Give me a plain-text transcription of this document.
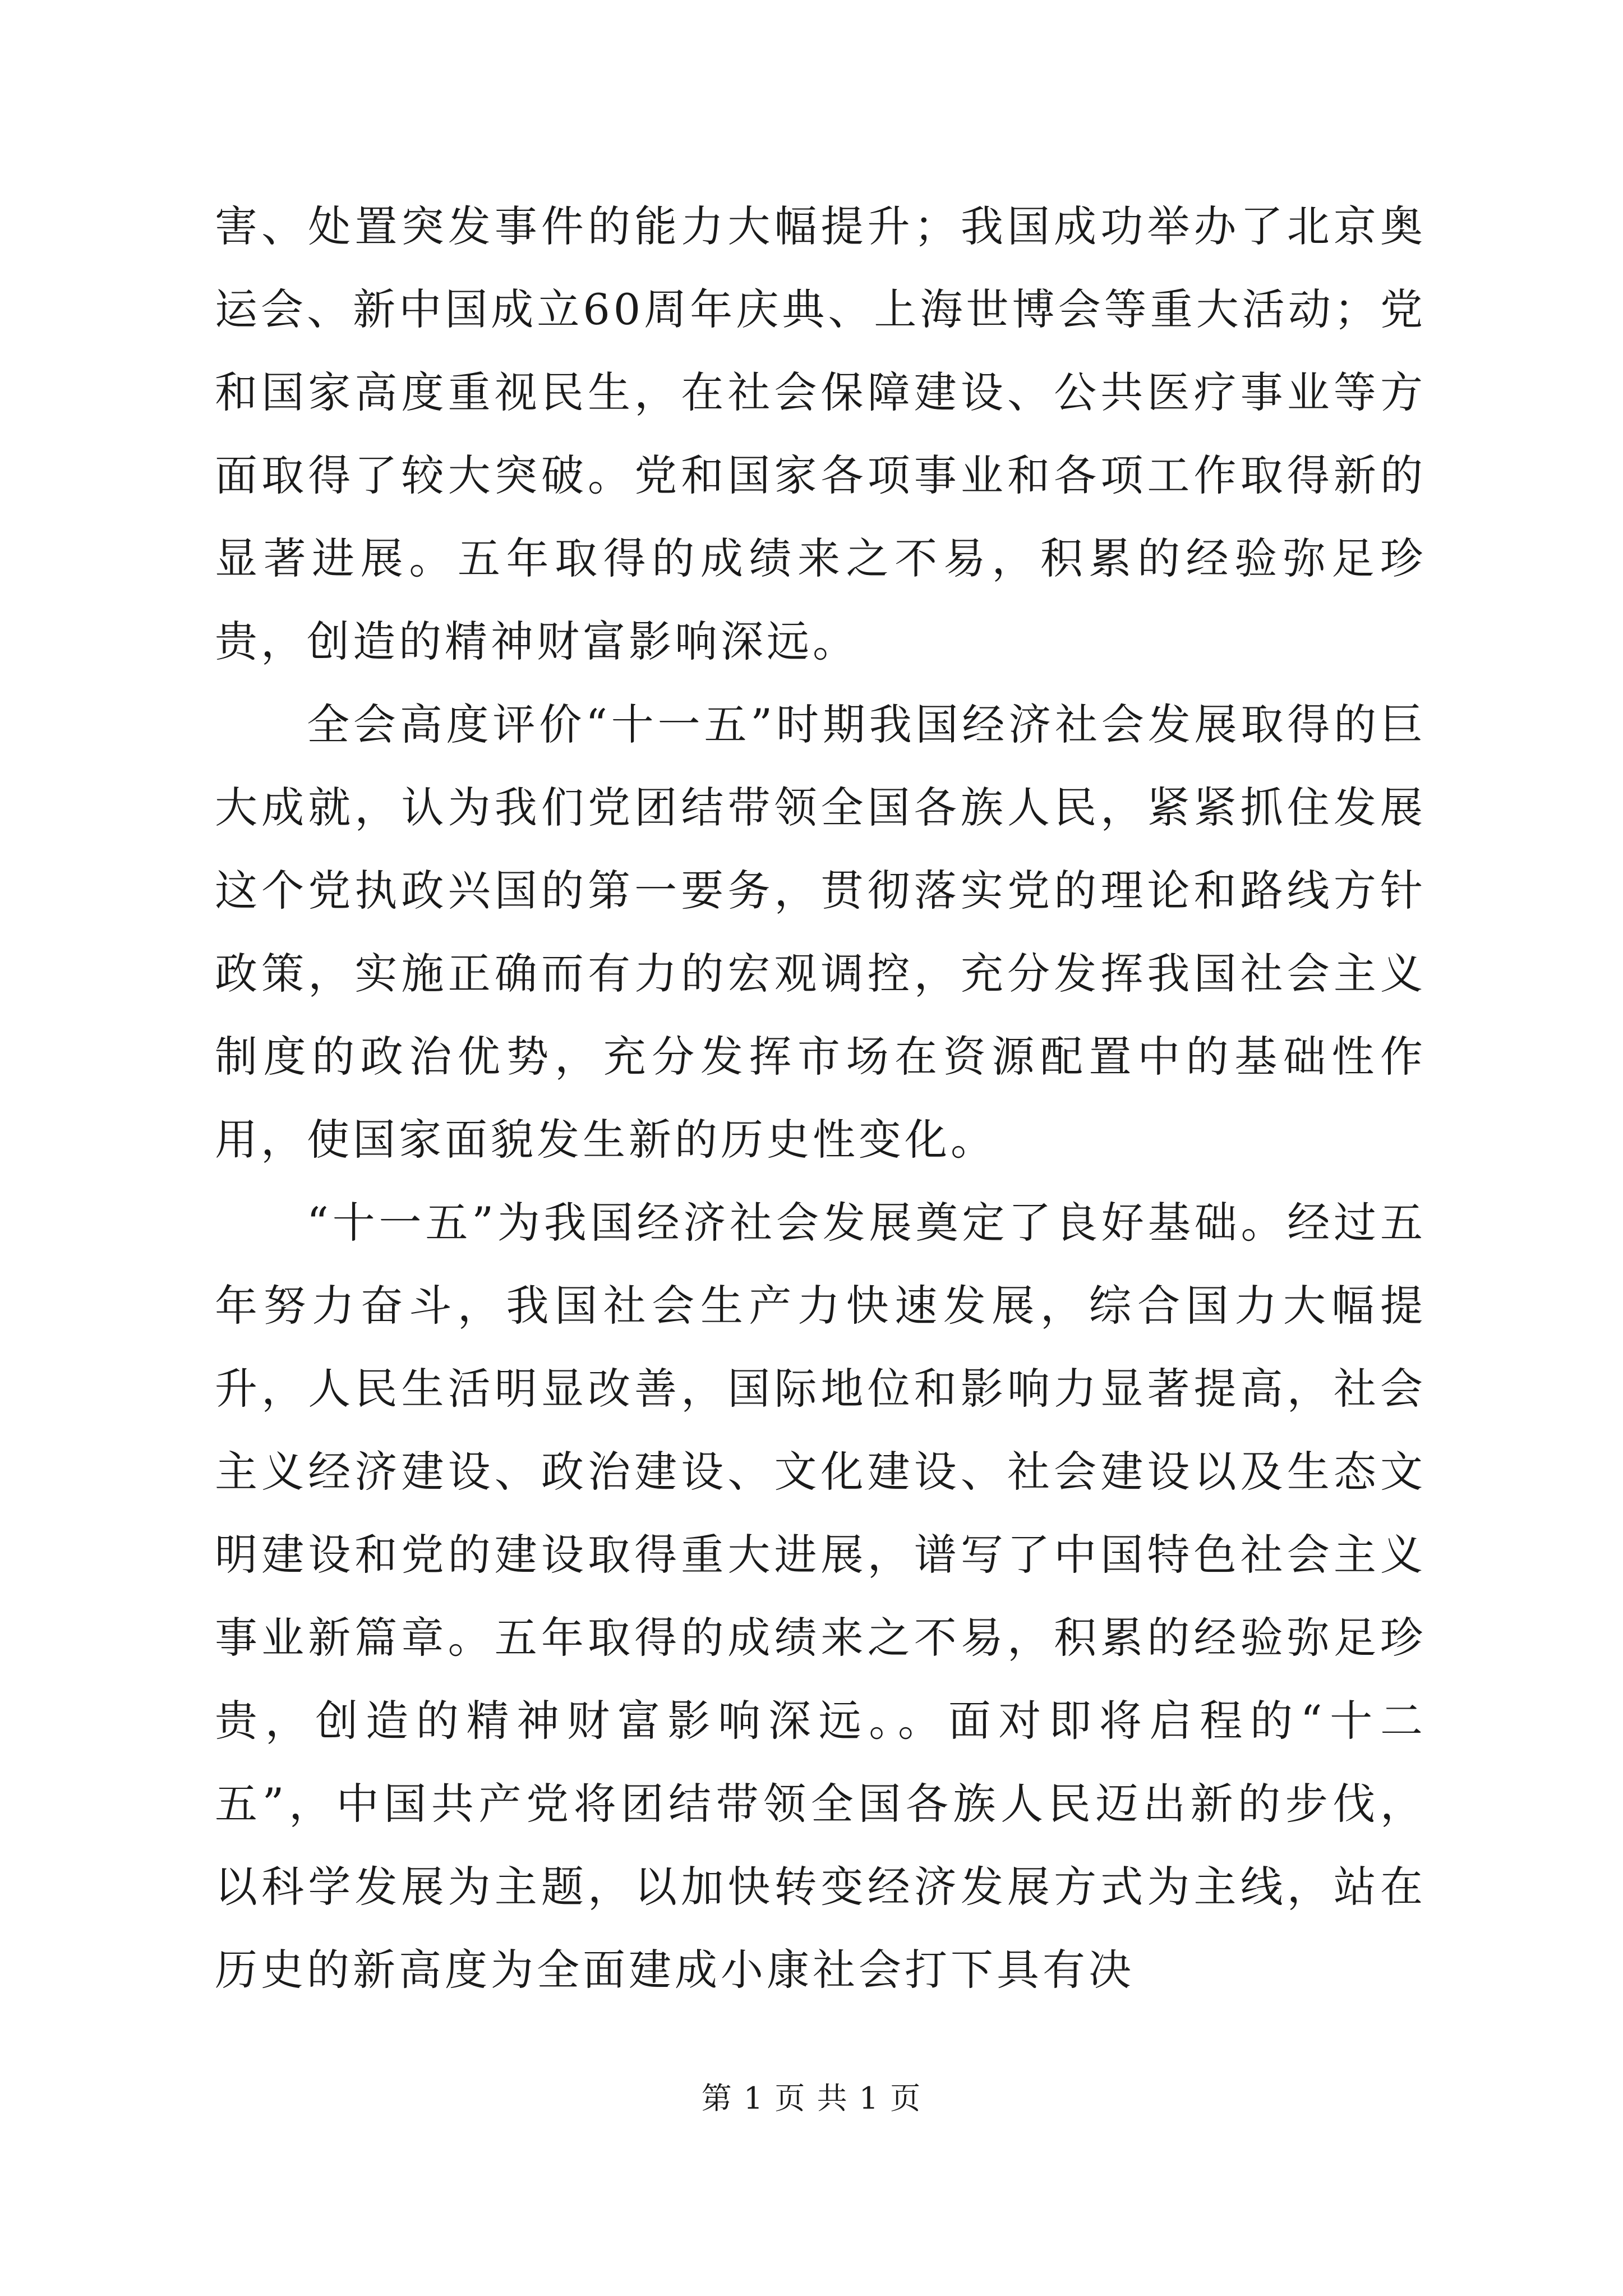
害、处置突发事件的能力大幅提升；我国成功举办了北京奥运会、新中国成立60周年庆典、上海世博会等重大活动；党和国家高度重视民生，在社会保障建设、公共医疗事业等方面取得了较大突破。党和国家各项事业和各项工作取得新的显著进展。五年取得的成绩来之不易，积累的经验弥足珍贵，创造的精神财富影响深远。

全会高度评价“十一五”时期我国经济社会发展取得的巨大成就，认为我们党团结带领全国各族人民，紧紧抓住发展这个党执政兴国的第一要务，贯彻落实党的理论和路线方针政策，实施正确而有力的宏观调控，充分发挥我国社会主义制度的政治优势，充分发挥市场在资源配置中的基础性作用，使国家面貌发生新的历史性变化。

“十一五”为我国经济社会发展奠定了良好基础。经过五年努力奋斗，我国社会生产力快速发展，综合国力大幅提升，人民生活明显改善，国际地位和影响力显著提高，社会主义经济建设、政治建设、文化建设、社会建设以及生态文明建设和党的建设取得重大进展，谱写了中国特色社会主义事业新篇章。五年取得的成绩来之不易，积累的经验弥足珍贵，创造的精神财富影响深远。。面对即将启程的“十二五”，中国共产党将团结带领全国各族人民迈出新的步伐，以科学发展为主题，以加快转变经济发展方式为主线，站在历史的新高度为全面建成小康社会打下具有决

第 1 页 共 1 页
